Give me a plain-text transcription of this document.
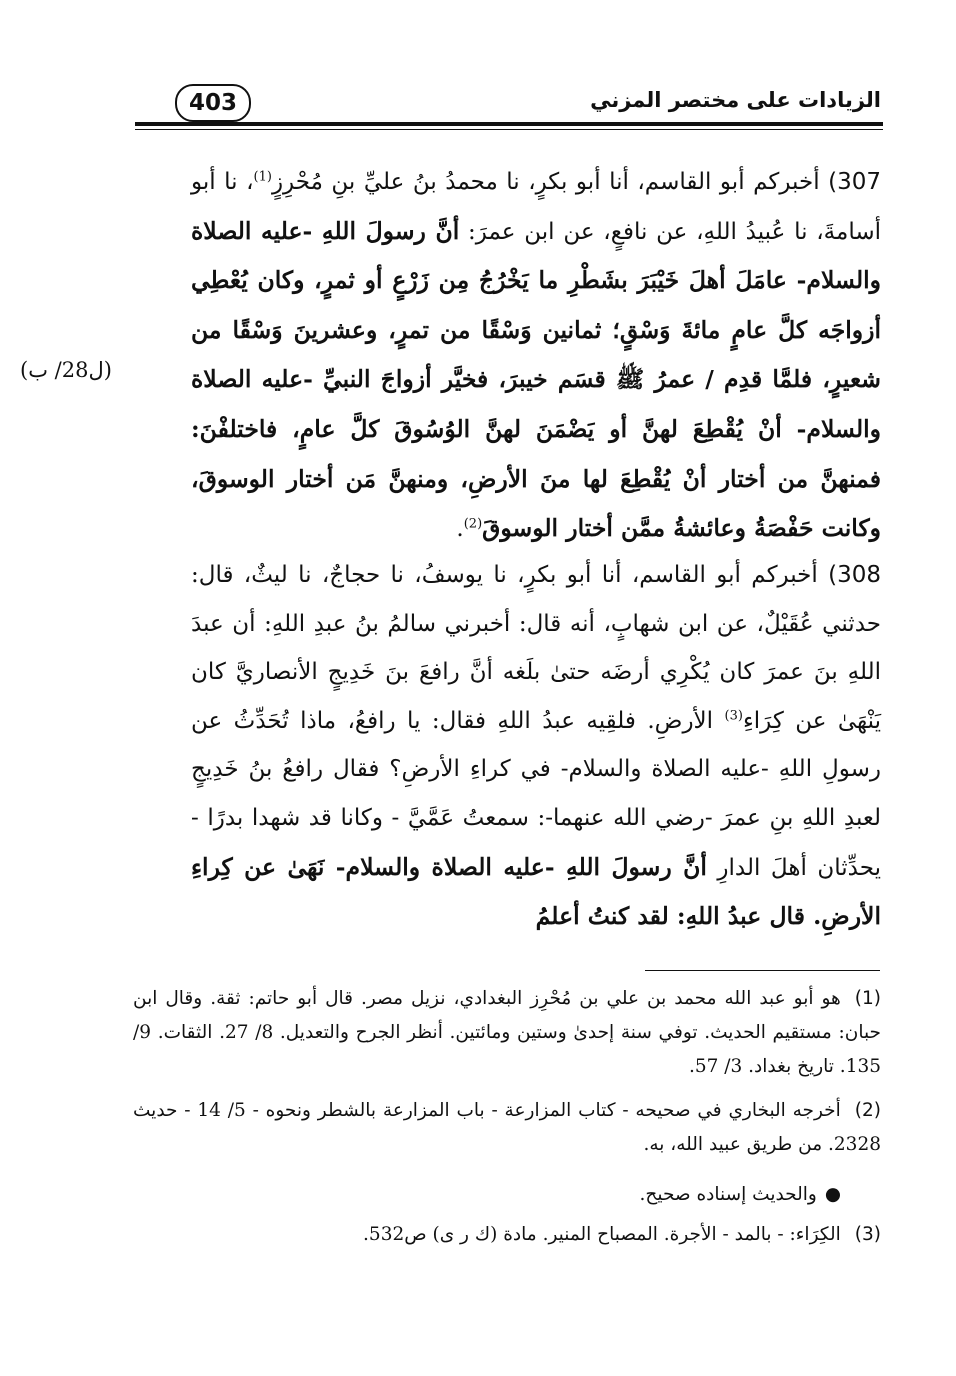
403	الزيادات على مختصر المزني
(ل28/ ب)
307) أخبركم أبو القاسم، أنا أبو بكرٍ، نا محمدُ بنُ عليِّ بنِ مُحْرِزٍ$^{(1)}$، نا أبو أسامةَ، نا عُبيدُ اللهِ، عن نافعٍ، عن ابن عمرَ: أنَّ رسولَ اللهِ -عليه الصلاة والسلام- عامَلَ أهلَ خَيْبَرَ بشَطْرِ ما يَخْرُجُ مِن زَرْعٍ أو ثمرٍ، وكان يُعْطِي أزواجَه كلَّ عامٍ مائةَ وَسْقٍ؛ ثمانين وَسْقًا من تمرٍ، وعشرينَ وَسْقًا من شعيرٍ، فلمَّا قدِم / عمرُ ﷺ قسَم خيبرَ، فخيَّر أزواجَ النبيِّ -عليه الصلاة والسلام- أنْ يُقْطِعَ لهنَّ أو يَضْمَنَ لهنَّ الوُسُوقَ كلَّ عامٍ، فاختلفْنَ: فمنهنَّ من أختار أنْ يُقْطِعَ لها منَ الأرضِ، ومنهنَّ مَن أختار الوسوقَ، وكانت حَفْصَةُ وعائشةُ ممَّن أختار الوسوقَ$^{(2)}$.
308) أخبركم أبو القاسم، أنا أبو بكرٍ، نا يوسفُ، نا حجاجٌ، نا ليثٌ، قال: حدثني عُقَيْلٌ، عن ابن شهابٍ، أنه قال: أخبرني سالمُ بنُ عبدِ اللهِ: أن عبدَ اللهِ بنَ عمرَ كان يُكْرِي أرضَه حتىٰ بلَغه أنَّ رافعَ بنَ خَدِيجٍ الأنصاريَّ كان يَنْهَىٰ عن كِرَاءِ$^{(3)}$ الأرضِ. فلقِيه عبدُ اللهِ فقال: يا رافعُ، ماذا تُحَدِّثُ عن رسولِ اللهِ -عليه الصلاة والسلام- في كراءِ الأرضِ؟ فقال رافعُ بنُ خَدِيجٍ لعبدِ اللهِ بنِ عمرَ -رضي الله عنهما-: سمعتُ عَمَّيَّ - وكانا قد شهدا بدرًا - يحدِّثان أهلَ الدارِ أنَّ رسولَ اللهِ -عليه الصلاة والسلام- نَهَىٰ عن كِراءِ الأرضِ. قال عبدُ اللهِ: لقد كنتُ أعلمُ
(1)هو أبو عبد الله محمد بن علي بن مُحْرِز البغدادي، نزيل مصر. قال أبو حاتم: ثقة. وقال ابن حبان: مستقيم الحديث. توفي سنة إحدىٰ وستين ومائتين. أنظر الجرح والتعديل. 8/ 27. الثقات. 9/ 135. تاريخ بغداد. 3/ 57.
(2)أخرجه البخاري في صحيحه - كتاب المزارعة - باب المزارعة بالشطر ونحوه - 5/ 14 - حديث 2328. من طريق عبيد الله، به.
●والحديث إسناده صحيح.
(3)الكِرَاء: - بالمد - الأجرة. المصباح المنير. مادة (ك ر ى) ص532.
